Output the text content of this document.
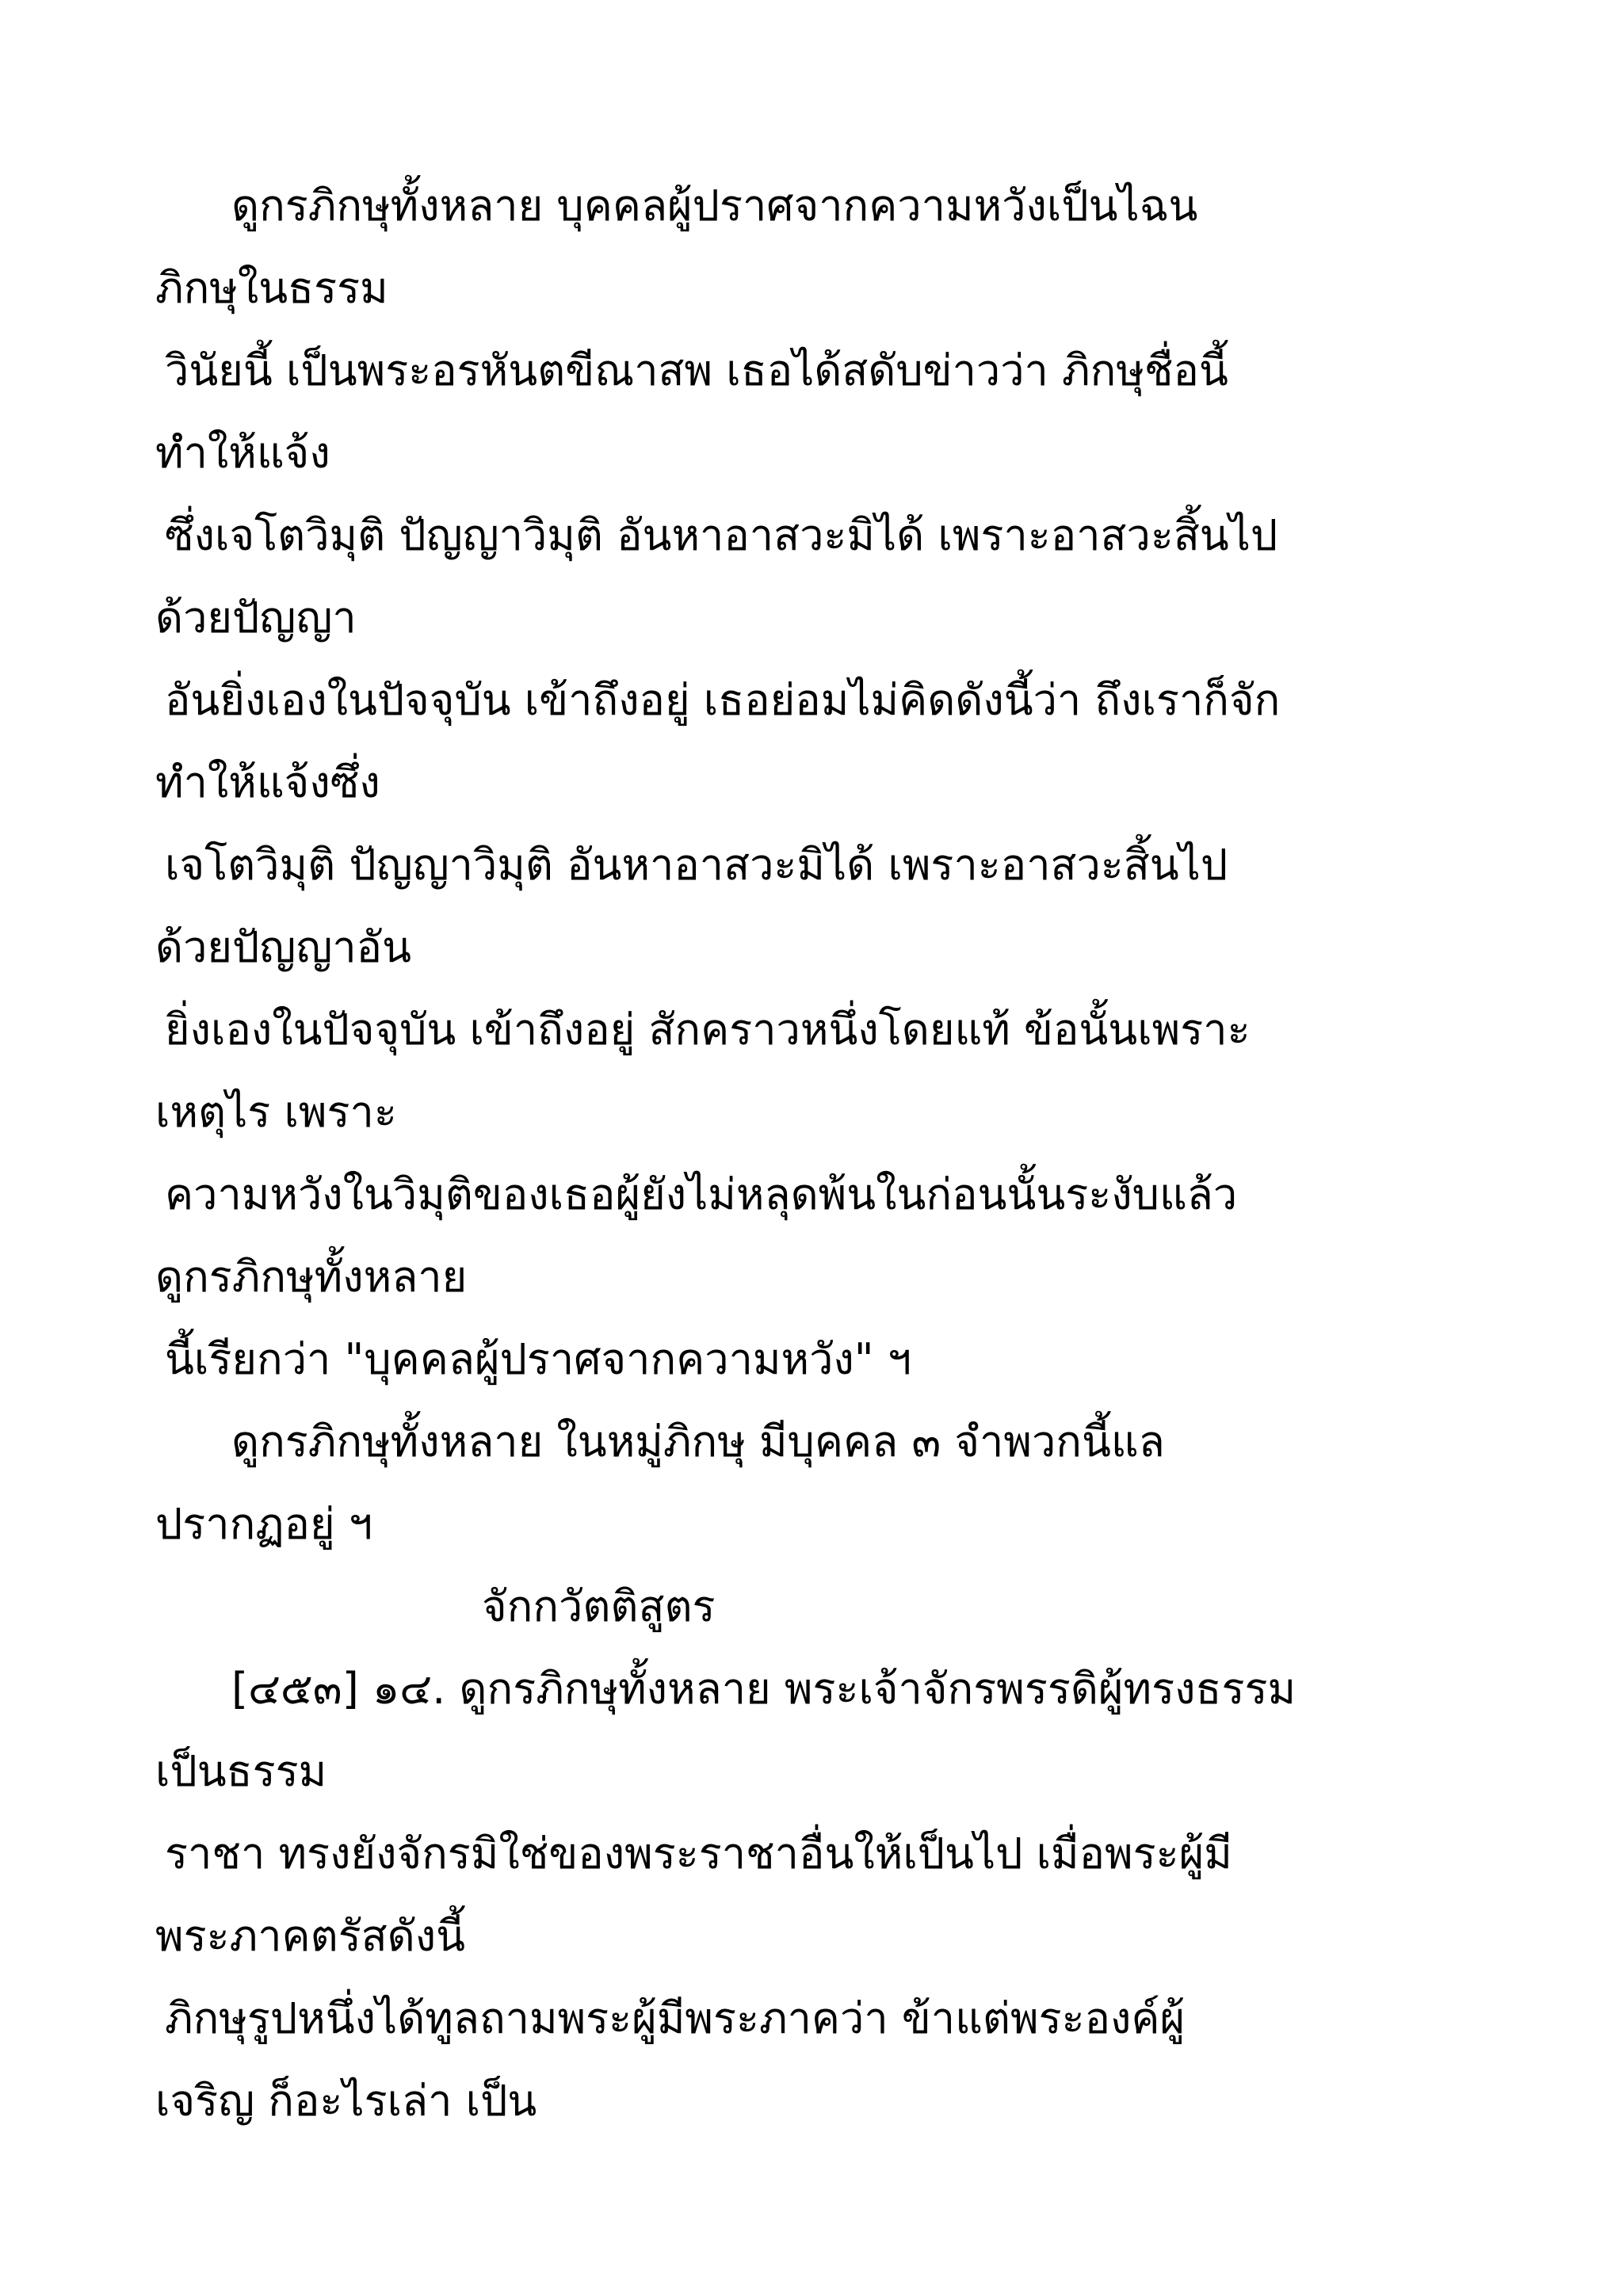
ดูกรภิกษุทั้งหลาย บุคคลผู้ปราศจากความหวังเป็นไฉน
ภิกษุในธรรม
วินัยนี้ เป็นพระอรหันตขีณาสพ เธอได้สดับข่าวว่า ภิกษุชื่อนี้
ทำให้แจ้ง
ซึ่งเจโตวิมุติ ปัญญาวิมุติ อันหาอาสวะมิได้ เพราะอาสวะสิ้นไป
ด้วยปัญญา
อันยิ่งเองในปัจจุบัน เข้าถึงอยู่ เธอย่อมไม่คิดดังนี้ว่า ถึงเราก็จัก
ทำให้แจ้งซึ่ง
เจโตวิมุติ ปัญญาวิมุติ อันหาอาสวะมิได้ เพราะอาสวะสิ้นไป
ด้วยปัญญาอัน
ยิ่งเองในปัจจุบัน เข้าถึงอยู่ สักคราวหนึ่งโดยแท้ ข้อนั้นเพราะ
เหตุไร เพราะ
ความหวังในวิมุติของเธอผู้ยังไม่หลุดพ้นในก่อนนั้นระงับแล้ว
ดูกรภิกษุทั้งหลาย
นี้เรียกว่า "บุคคลผู้ปราศจากความหวัง" ฯ
ดูกรภิกษุทั้งหลาย ในหมู่ภิกษุ มีบุคคล ๓ จำพวกนี้แล
ปรากฏอยู่ ฯ
จักกวัตติสูตร
[๔๕๓] ๑๔. ดูกรภิกษุทั้งหลาย พระเจ้าจักรพรรดิผู้ทรงธรรม
เป็นธรรม
ราชา ทรงยังจักรมิใช่ของพระราชาอื่นให้เป็นไป เมื่อพระผู้มี
พระภาคตรัสดังนี้
ภิกษุรูปหนึ่งได้ทูลถามพระผู้มีพระภาคว่า ข้าแต่พระองค์ผู้
เจริญ ก็อะไรเล่า เป็น
